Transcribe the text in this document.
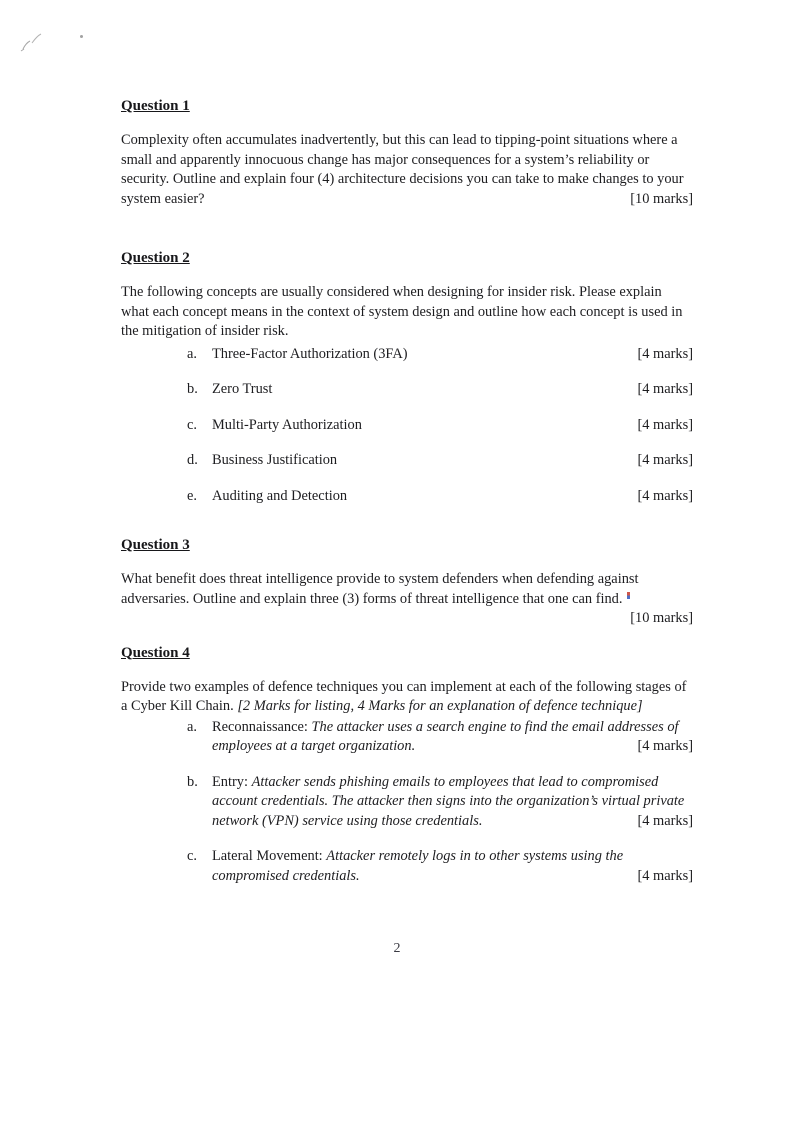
Question 1
Complexity often accumulates inadvertently, but this can lead to tipping-point situations where a small and apparently innocuous change has major consequences for a system’s reliability or security. Outline and explain four (4) architecture decisions you can take to make changes to your system easier?	[10 marks]
Question 2
The following concepts are usually considered when designing for insider risk. Please explain what each concept means in the context of system design and outline how each concept is used in the mitigation of insider risk.
a. Three-Factor Authorization (3FA)	[4 marks]
b. Zero Trust	[4 marks]
c. Multi-Party Authorization	[4 marks]
d. Business Justification	[4 marks]
e. Auditing and Detection	[4 marks]
Question 3
What benefit does threat intelligence provide to system defenders when defending against adversaries. Outline and explain three (3) forms of threat intelligence that one can find.
[10 marks]
Question 4
Provide two examples of defence techniques you can implement at each of the following stages of a Cyber Kill Chain. [2 Marks for listing, 4 Marks for an explanation of defence technique]
a. Reconnaissance: The attacker uses a search engine to find the email addresses of employees at a target organization.	[4 marks]
b. Entry: Attacker sends phishing emails to employees that lead to compromised account credentials. The attacker then signs into the organization’s virtual private network (VPN) service using those credentials.	[4 marks]
c. Lateral Movement: Attacker remotely logs in to other systems using the compromised credentials.	[4 marks]
2
